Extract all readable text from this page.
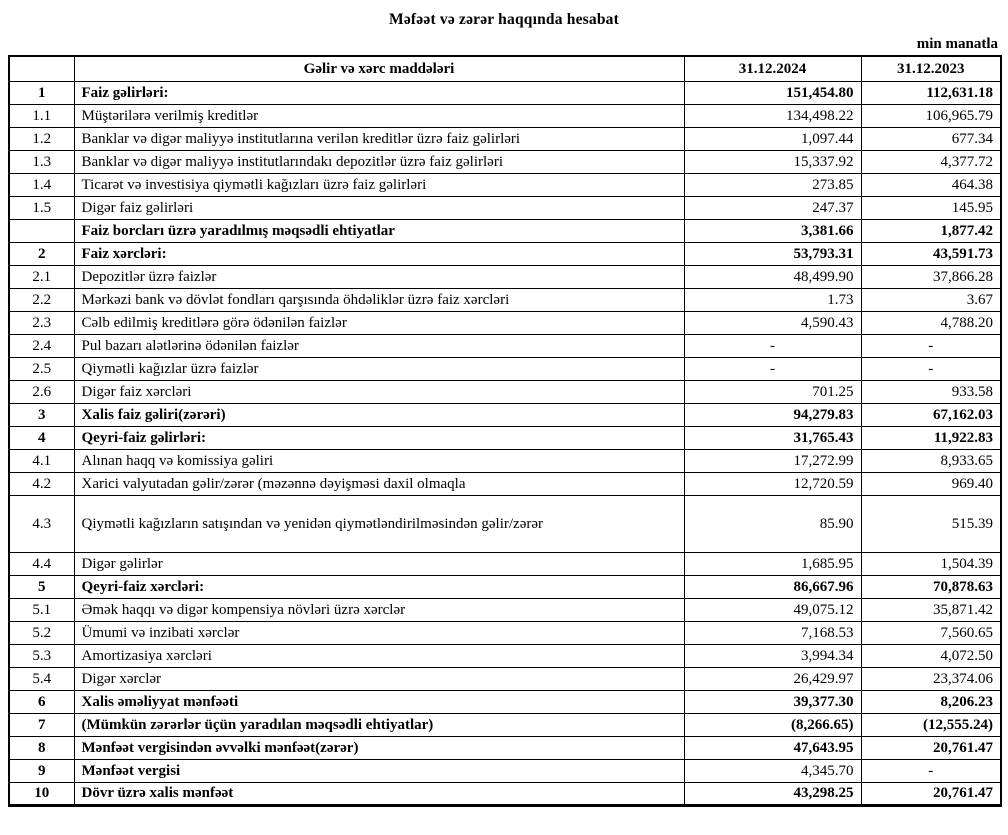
Məfəət və zərər haqqında hesabat
min manatla
	Gəlir və xərc maddələri	31.12.2024	31.12.2023
1	Faiz gəlirləri:	151,454.80	112,631.18
1.1	Müştərilərə verilmiş kreditlər	134,498.22	106,965.79
1.2	Banklar və digər maliyyə institutlarına verilən kreditlər üzrə faiz gəlirləri	1,097.44	677.34
1.3	Banklar və digər maliyyə institutlarındakı depozitlər üzrə faiz gəlirləri	15,337.92	4,377.72
1.4	Ticarət və investisiya qiymətli kağızları üzrə faiz gəlirləri	273.85	464.38
1.5	Digər faiz gəlirləri	247.37	145.95
	Faiz borcları üzrə yaradılmış məqsədli ehtiyatlar	3,381.66	1,877.42
2	Faiz xərcləri:	53,793.31	43,591.73
2.1	Depozitlər üzrə faizlər	48,499.90	37,866.28
2.2	Mərkəzi bank və dövlət fondları qarşısında öhdəliklər üzrə faiz xərcləri	1.73	3.67
2.3	Cəlb edilmiş kreditlərə görə ödənilən faizlər	4,590.43	4,788.20
2.4	Pul bazarı alətlərinə ödənilən faizlər	-	-
2.5	Qiymətli kağızlar üzrə faizlər	-	-
2.6	Digər faiz xərcləri	701.25	933.58
3	Xalis faiz gəliri(zərəri)	94,279.83	67,162.03
4	Qeyri-faiz gəlirləri:	31,765.43	11,922.83
4.1	Alınan haqq və komissiya gəliri	17,272.99	8,933.65
4.2	Xarici valyutadan gəlir/zərər (məzənnə dəyişməsi daxil olmaqla	12,720.59	969.40
4.3	Qiymətli kağızların satışından və yenidən qiymətləndirilməsindən gəlir/zərər	85.90	515.39
4.4	Digər gəlirlər	1,685.95	1,504.39
5	Qeyri-faiz xərcləri:	86,667.96	70,878.63
5.1	Əmək haqqı və digər kompensiya növləri üzrə xərclər	49,075.12	35,871.42
5.2	Ümumi və inzibati xərclər	7,168.53	7,560.65
5.3	Amortizasiya xərcləri	3,994.34	4,072.50
5.4	Digər xərclər	26,429.97	23,374.06
6	Xalis əməliyyat mənfəəti	39,377.30	8,206.23
7	(Mümkün zərərlər üçün yaradılan məqsədli ehtiyatlar)	(8,266.65)	(12,555.24)
8	Mənfəət vergisindən əvvəlki mənfəət(zərər)	47,643.95	20,761.47
9	Mənfəət vergisi	4,345.70	-
10	Dövr üzrə xalis mənfəət	43,298.25	20,761.47
